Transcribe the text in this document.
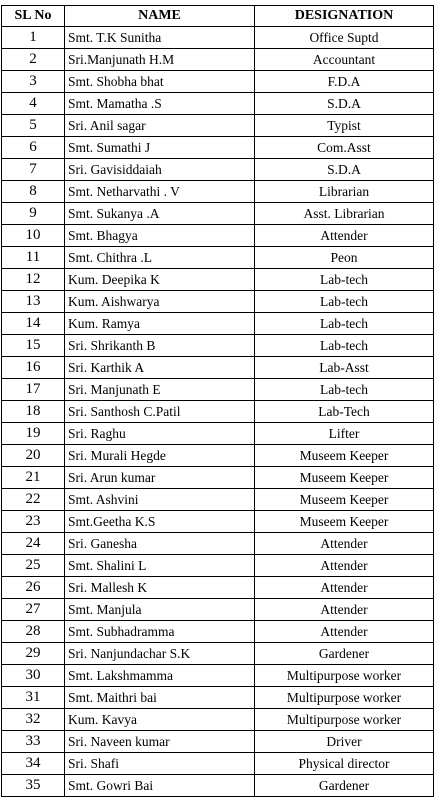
SL No	NAME	DESIGNATION
1	Smt. T.K Sunitha	Office Suptd
2	Sri.Manjunath H.M	Accountant
3	Smt. Shobha bhat	F.D.A
4	Smt. Mamatha .S	S.D.A
5	Sri. Anil sagar	Typist
6	Smt. Sumathi J	Com.Asst
7	Sri. Gavisiddaiah	S.D.A
8	Smt. Netharvathi . V	Librarian
9	Smt. Sukanya .A	Asst. Librarian
10	Smt. Bhagya	Attender
11	Smt. Chithra .L	Peon
12	Kum. Deepika K	Lab-tech
13	Kum. Aishwarya	Lab-tech
14	Kum. Ramya	Lab-tech
15	Sri. Shrikanth B	Lab-tech
16	Sri. Karthik A	Lab-Asst
17	Sri. Manjunath E	Lab-tech
18	Sri. Santhosh C.Patil	Lab-Tech
19	Sri. Raghu	Lifter
20	Sri. Murali Hegde	Museem Keeper
21	Sri. Arun kumar	Museem Keeper
22	Smt. Ashvini	Museem Keeper
23	Smt.Geetha K.S	Museem Keeper
24	Sri. Ganesha	Attender
25	Smt. Shalini L	Attender
26	Sri. Mallesh K	Attender
27	Smt. Manjula	Attender
28	Smt. Subhadramma	Attender
29	Sri. Nanjundachar S.K	Gardener
30	Smt. Lakshmamma	Multipurpose worker
31	Smt. Maithri bai	Multipurpose worker
32	Kum. Kavya	Multipurpose worker
33	Sri. Naveen kumar	Driver
34	Sri. Shafi	Physical director
35	Smt. Gowri Bai	Gardener
